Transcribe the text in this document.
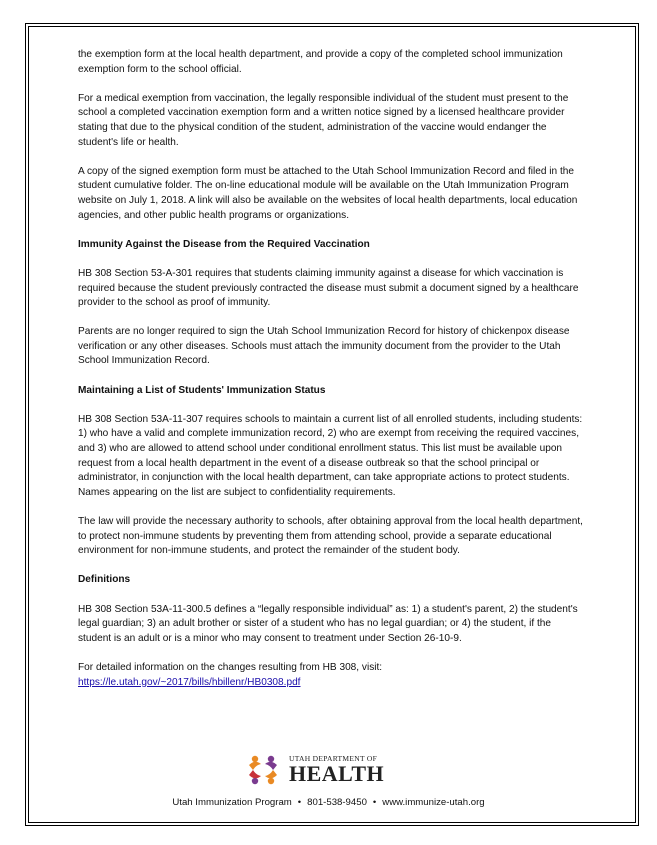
the exemption form at the local health department, and provide a copy of the completed school immunization exemption form to the school official.

For a medical exemption from vaccination, the legally responsible individual of the student must present to the school a completed vaccination exemption form and a written notice signed by a licensed healthcare provider stating that due to the physical condition of the student, administration of the vaccine would endanger the student's life or health.

A copy of the signed exemption form must be attached to the Utah School Immunization Record and filed in the student cumulative folder. The on-line educational module will be available on the Utah Immunization Program website on July 1, 2018. A link will also be available on the websites of local health departments, local education agencies, and other public health programs or organizations.

Immunity Against the Disease from the Required Vaccination

HB 308 Section 53-A-301 requires that students claiming immunity against a disease for which vaccination is required because the student previously contracted the disease must submit a document signed by a healthcare provider to the school as proof of immunity.

Parents are no longer required to sign the Utah School Immunization Record for history of chickenpox disease verification or any other diseases. Schools must attach the immunity document from the provider to the Utah School Immunization Record.

Maintaining a List of Students' Immunization Status

HB 308 Section 53A-11-307 requires schools to maintain a current list of all enrolled students, including students: 1) who have a valid and complete immunization record, 2) who are exempt from receiving the required vaccines, and 3) who are allowed to attend school under conditional enrollment status. This list must be available upon request from a local health department in the event of a disease outbreak so that the school principal or administrator, in conjunction with the local health department, can take appropriate actions to protect students. Names appearing on the list are subject to confidentiality requirements.

The law will provide the necessary authority to schools, after obtaining approval from the local health department, to protect non-immune students by preventing them from attending school, provide a separate educational environment for non-immune students, and protect the remainder of the student body.

Definitions

HB 308 Section 53A-11-300.5 defines a “legally responsible individual” as: 1) a student's parent, 2) the student's legal guardian; 3) an adult brother or sister of a student who has no legal guardian; or 4) the student, if the student is an adult or is a minor who may consent to treatment under Section 26-10-9.

For detailed information on the changes resulting from HB 308, visit:
https://le.utah.gov/~2017/bills/hbillenr/HB0308.pdf
UTAH DEPARTMENT OF
HEALTH
Utah Immunization Program • 801-538-9450 • www.immunize-utah.org
